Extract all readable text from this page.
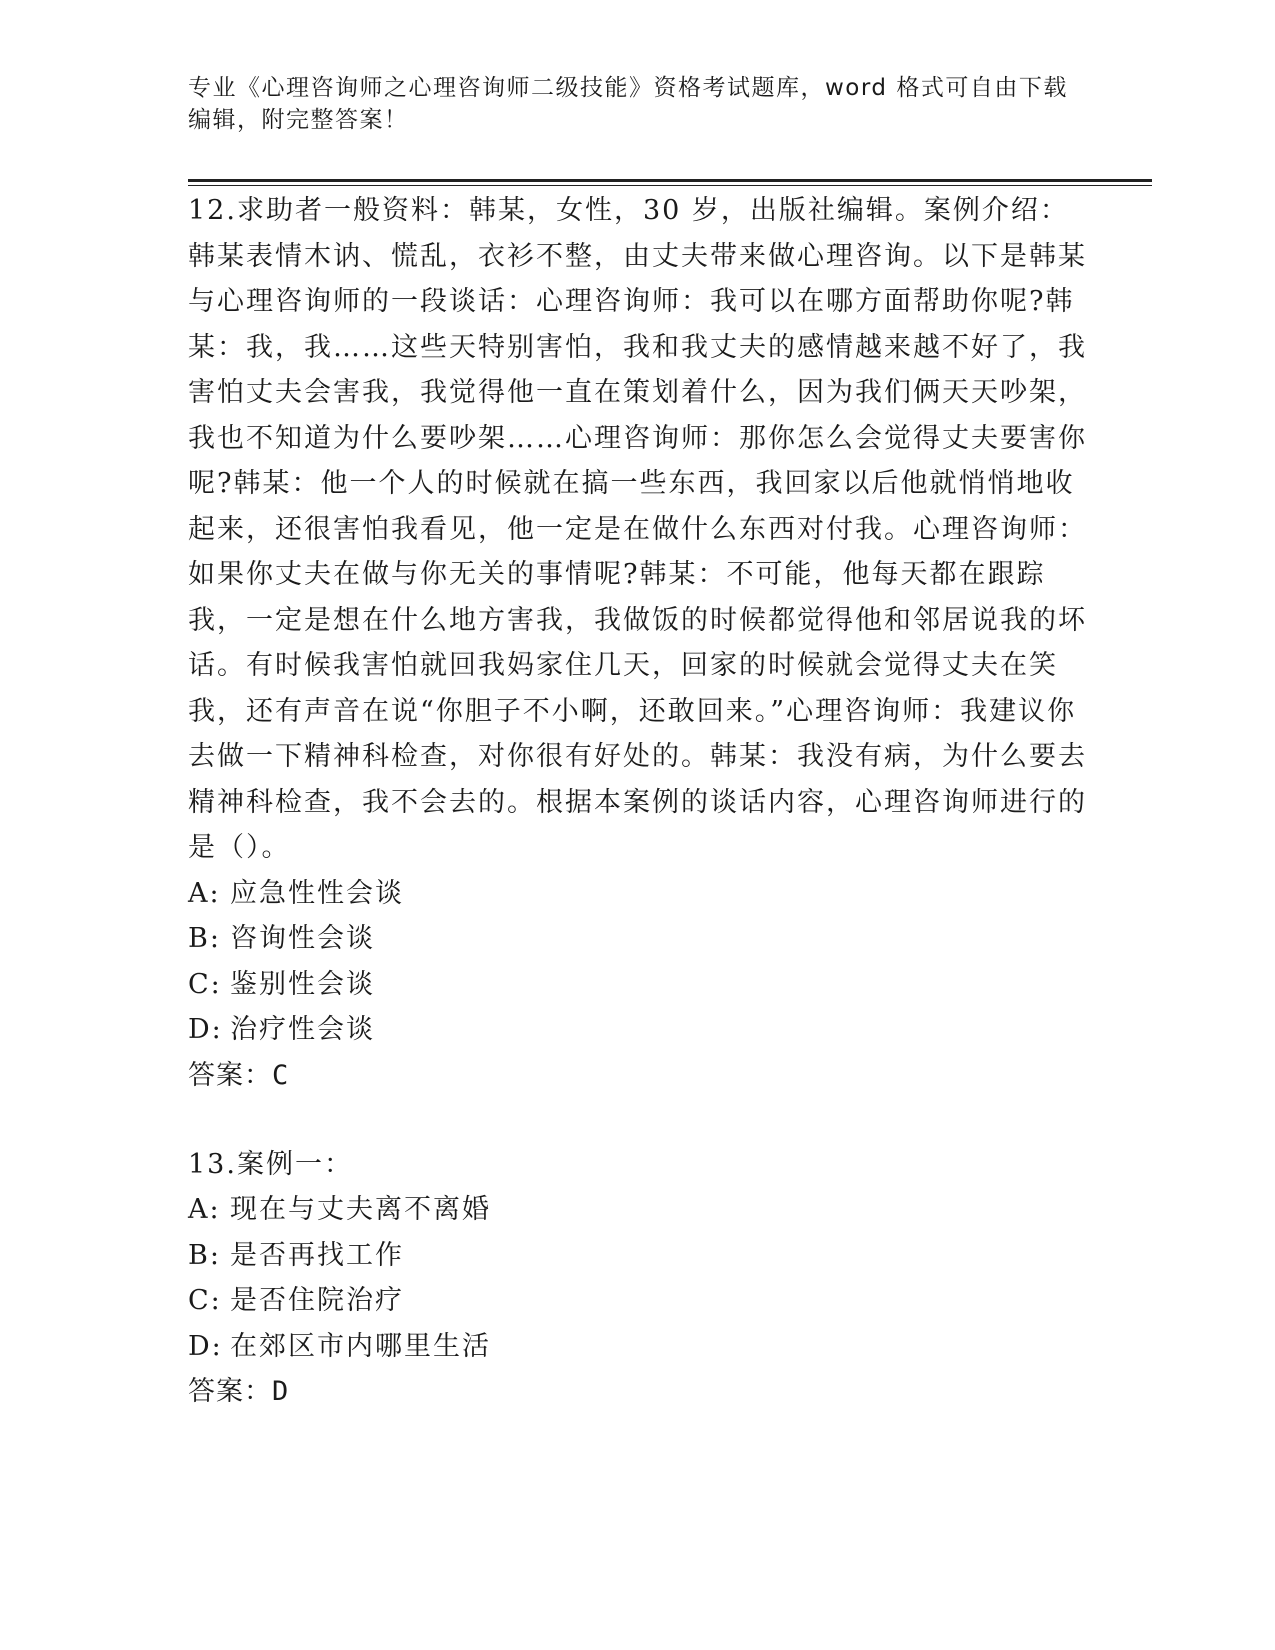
专业《心理咨询师之心理咨询师二级技能》资格考试题库，word 格式可自由下载
编辑，附完整答案！

12.求助者一般资料：韩某，女性，30 岁，出版社编辑。案例介绍：韩某表情木讷、慌乱，衣衫不整，由丈夫带来做心理咨询。以下是韩某与心理咨询师的一段谈话：心理咨询师：我可以在哪方面帮助你呢?韩某：我，我……这些天特别害怕，我和我丈夫的感情越来越不好了，我害怕丈夫会害我，我觉得他一直在策划着什么，因为我们俩天天吵架，我也不知道为什么要吵架……心理咨询师：那你怎么会觉得丈夫要害你呢?韩某：他一个人的时候就在搞一些东西，我回家以后他就悄悄地收起来，还很害怕我看见，他一定是在做什么东西对付我。心理咨询师：如果你丈夫在做与你无关的事情呢?韩某：不可能，他每天都在跟踪我，一定是想在什么地方害我，我做饭的时候都觉得他和邻居说我的坏话。有时候我害怕就回我妈家住几天，回家的时候就会觉得丈夫在笑我，还有声音在说“你胆子不小啊，还敢回来。”心理咨询师：我建议你去做一下精神科检查，对你很有好处的。韩某：我没有病，为什么要去精神科检查，我不会去的。根据本案例的谈话内容，心理咨询师进行的是（）。

A: 应急性性会谈

B: 咨询性会谈

C: 鉴别性会谈

D: 治疗性会谈

答案：C

13.案例一：

A: 现在与丈夫离不离婚

B: 是否再找工作

C: 是否住院治疗

D: 在郊区市内哪里生活

答案：D
